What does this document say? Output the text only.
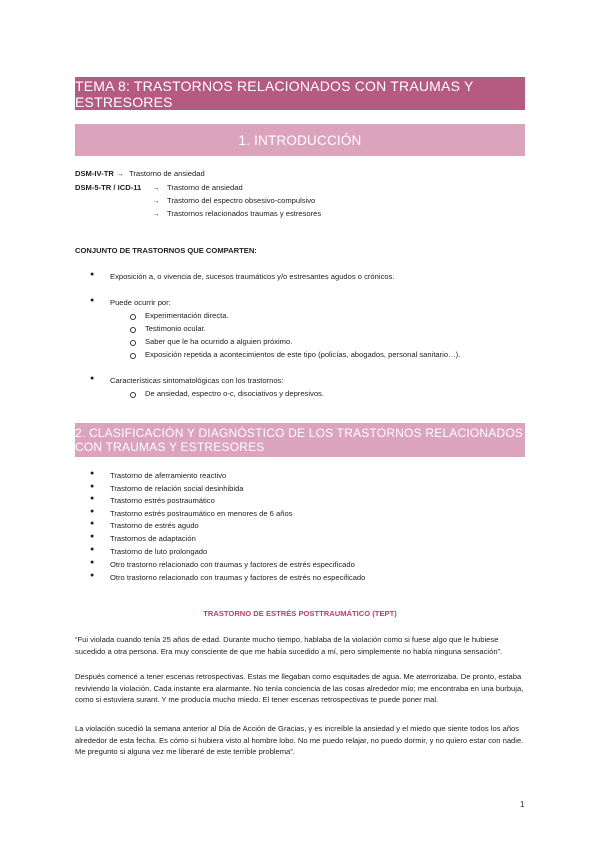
TEMA 8: TRASTORNOS RELACIONADOS CON TRAUMAS Y ESTRESORES
1. INTRODUCCIÓN
DSM-IV-TR → Trastorno de ansiedad
DSM-5-TR / ICD-11 → Trastorno de ansiedad
→ Trastorno del espectro obsesivo-compulsivo
→ Trastornos relacionados traumas y estresores
CONJUNTO DE TRASTORNOS QUE COMPARTEN:
● Exposición a, o vivencia de, sucesos traumáticos y/o estresantes agudos o crónicos.
● Puede ocurrir por:
Experimentación directa.
Testimonio ocular.
Saber que le ha ocurrido a alguien próximo.
Exposición repetida a acontecimientos de este tipo (policías, abogados, personal sanitario…).
● Características sintomatológicas con los trastornos:
De ansiedad, espectro o-c, disociativos y depresivos.
2. CLASIFICACIÓN Y DIAGNÓSTICO DE LOS TRASTORNOS RELACIONADOS CON TRAUMAS Y ESTRESORES
● Trastorno de aferramiento reactivo
● Trastorno de relación social desinhibida
● Trastorno estrés postraumático
● Trastorno estrés postraumático en menores de 6 años
● Trastorno de estrés agudo
● Trastornos de adaptación
● Trastorno de luto prolongado
● Otro trastorno relacionado con traumas y factores de estrés especificado
● Otro trastorno relacionado con traumas y factores de estrés no especificado
TRASTORNO DE ESTRÉS POSTTRAUMÁTICO (TEPT)
“Fui violada cuando tenía 25 años de edad. Durante mucho tiempo, hablaba de la violación como si fuese algo que le hubiese sucedido a otra persona. Era muy consciente de que me había sucedido a mí, pero simplemente no había ninguna sensación”.
Después comencé a tener escenas retrospectivas. Estas me llegaban como esquitades de agua. Me aterrorizaba. De pronto, estaba reviviendo la violación. Cada instante era alarmante. No tenía conciencia de las cosas alrededor mío; me encontraba en una burbuja, como si estuviera surant. Y me producía mucho miedo. El tener escenas retrospectivas te puede poner mal.
La violación sucedió la semana anterior al Día de Acción de Gracias, y es increíble la ansiedad y el miedo que siente todos los años alrededor de esta fecha. Es cómo si hubiera visto al hombre lobo. No me puedo relajar, no puedo dormir, y no quiero estar con nadie. Me pregunto si alguna vez me liberaré de este terrible problema”.
1
